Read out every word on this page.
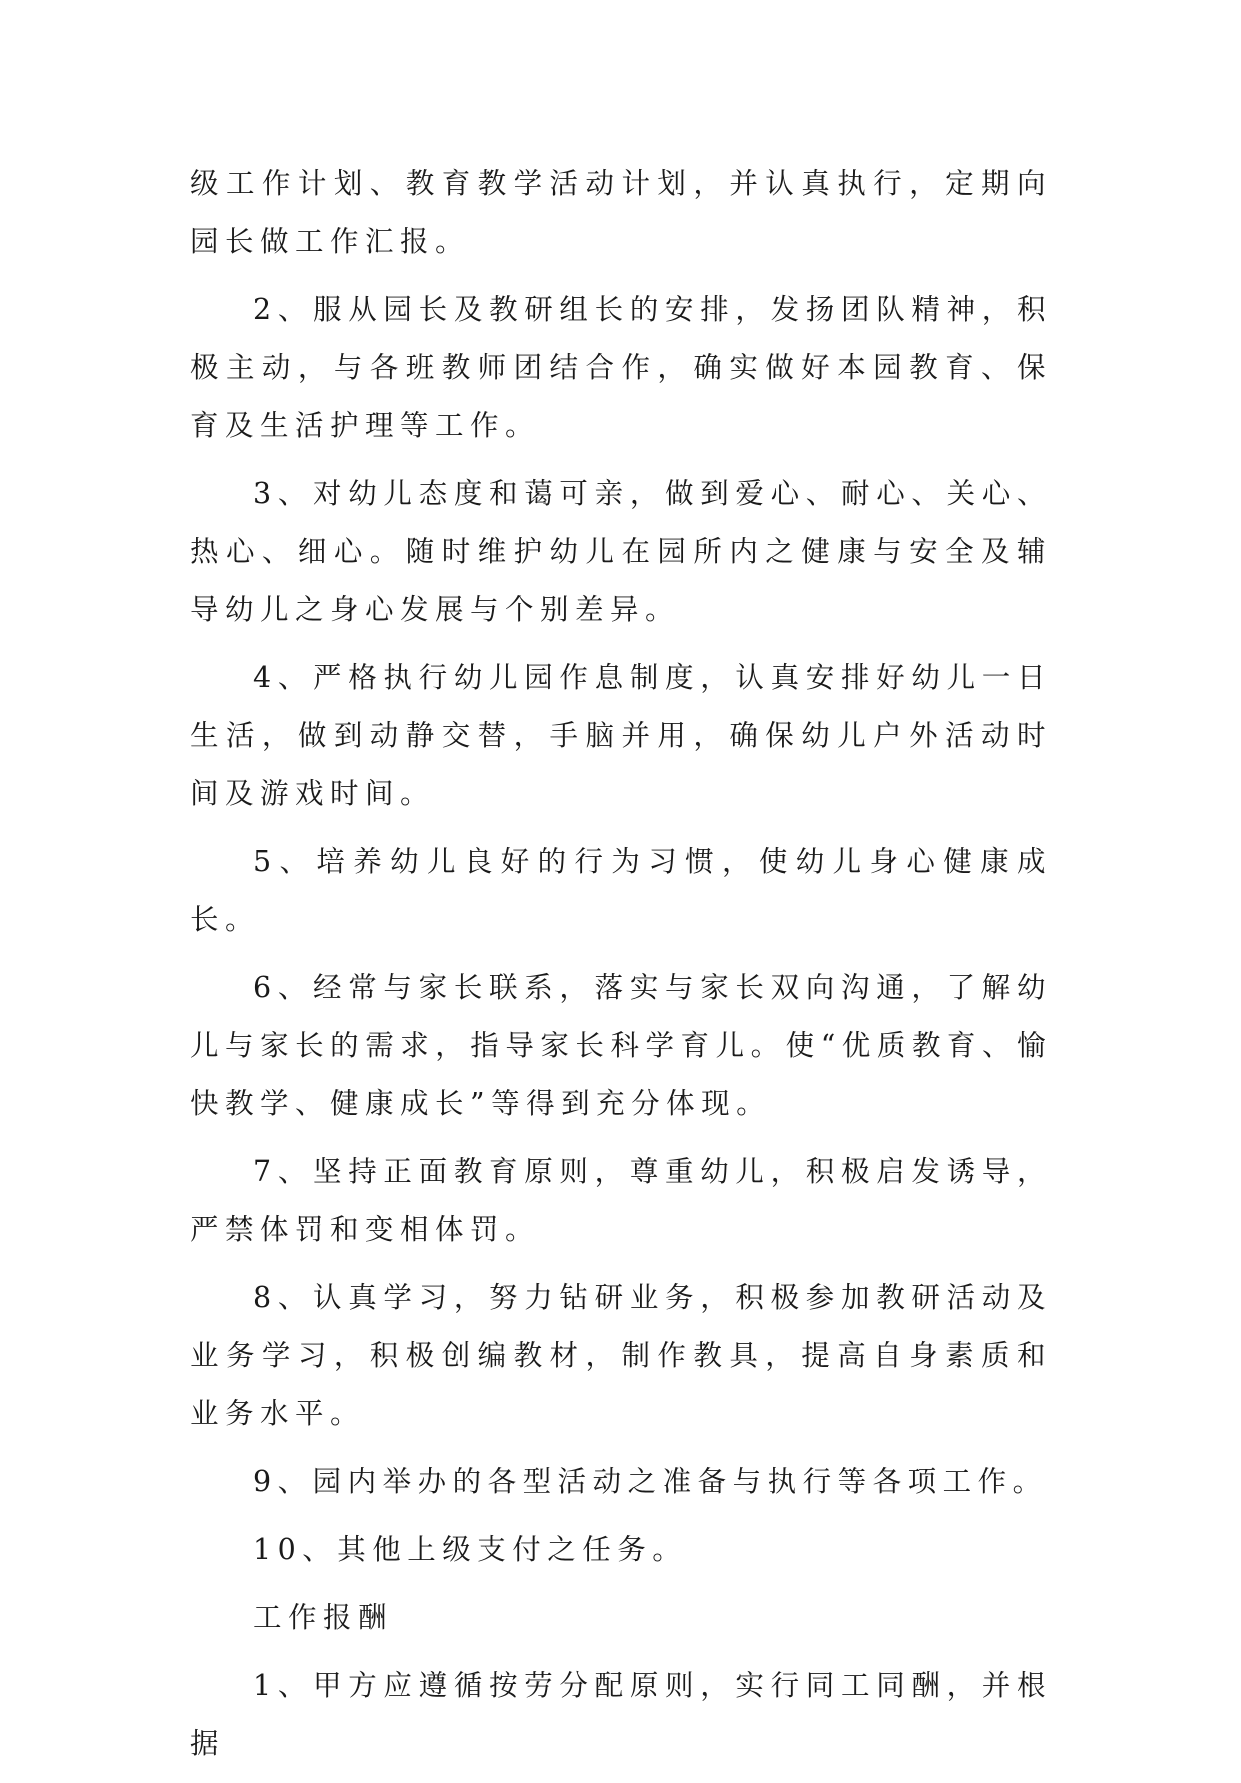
级工作计划、教育教学活动计划，并认真执行，定期向园长做工作汇报。

2、服从园长及教研组长的安排，发扬团队精神，积极主动，与各班教师团结合作，确实做好本园教育、保育及生活护理等工作。

3、对幼儿态度和蔼可亲，做到爱心、耐心、关心、热心、细心。随时维护幼儿在园所内之健康与安全及辅导幼儿之身心发展与个别差异。

4、严格执行幼儿园作息制度，认真安排好幼儿一日生活，做到动静交替，手脑并用，确保幼儿户外活动时间及游戏时间。

5、培养幼儿良好的行为习惯，使幼儿身心健康成长。

6、经常与家长联系，落实与家长双向沟通，了解幼儿与家长的需求，指导家长科学育儿。使“优质教育、愉快教学、健康成长”等得到充分体现。

7、坚持正面教育原则，尊重幼儿，积极启发诱导，严禁体罚和变相体罚。

8、认真学习，努力钻研业务，积极参加教研活动及业务学习，积极创编教材，制作教具，提高自身素质和业务水平。

9、园内举办的各型活动之准备与执行等各项工作。

10、其他上级支付之任务。

工作报酬

1、甲方应遵循按劳分配原则，实行同工同酬，并根据
